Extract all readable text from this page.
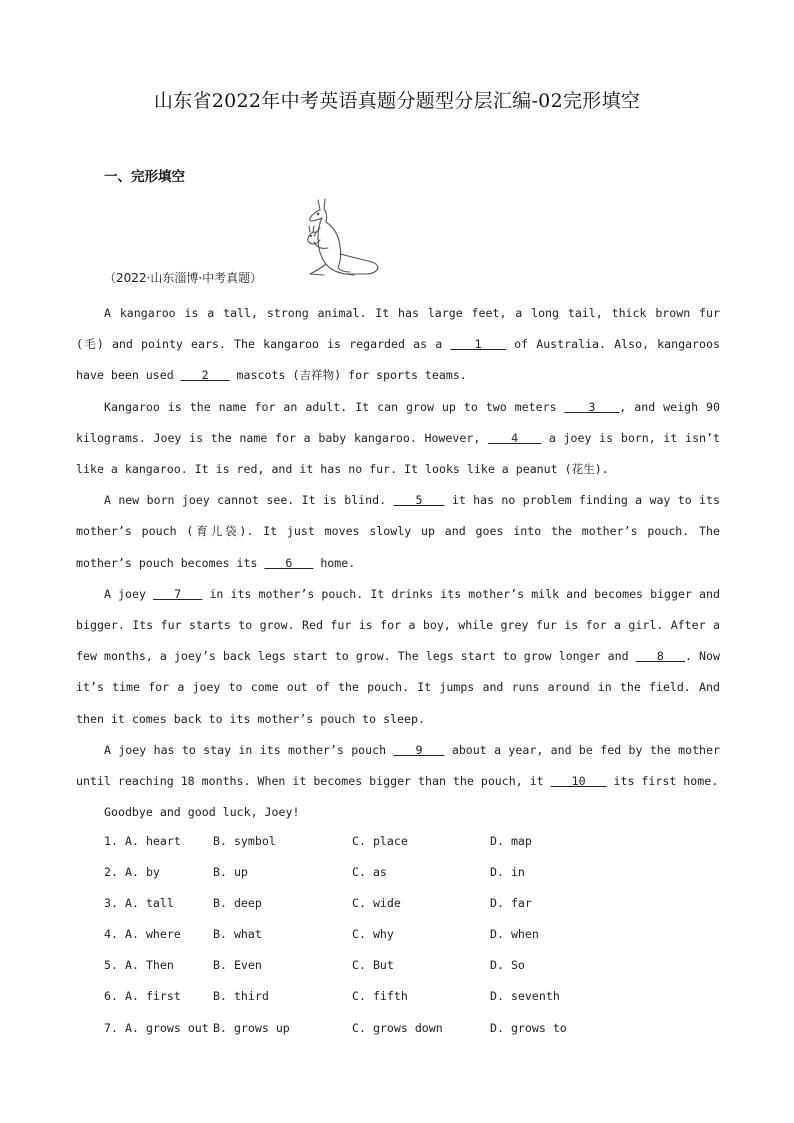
山东省2022年中考英语真题分题型分层汇编-02完形填空
一、完形填空
（2022·山东淄博·中考真题）

A kangaroo is a tall, strong animal. It has large feet, a long tail, thick brown fur (毛) and pointy ears. The kangaroo is regarded as a    1    of Australia. Also, kangaroos have been used    2    mascots (吉祥物) for sports teams.

Kangaroo is the name for an adult. It can grow up to two meters    3   , and weigh 90 kilograms. Joey is the name for a baby kangaroo. However,    4    a joey is born, it isn’t like a kangaroo. It is red, and it has no fur. It looks like a peanut (花生).

A new born joey cannot see. It is blind.    5    it has no problem finding a way to its mother’s pouch (育儿袋). It just moves slowly up and goes into the mother’s pouch. The mother’s pouch becomes its    6    home.

A joey    7    in its mother’s pouch. It drinks its mother’s milk and becomes bigger and bigger. Its fur starts to grow. Red fur is for a boy, while grey fur is for a girl. After a few months, a joey’s back legs start to grow. The legs start to grow longer and    8   . Now it’s time for a joey to come out of the pouch. It jumps and runs around in the field. And then it comes back to its mother’s pouch to sleep.

A joey has to stay in its mother’s pouch    9    about a year, and be fed by the mother until reaching 18 months. When it becomes bigger than the pouch, it    10    its first home.

Goodbye and good luck, Joey!

1. A. heart	B. symbol	C. place	D. map
2. A. by	B. up	C. as	D. in
3. A. tall	B. deep	C. wide	D. far
4. A. where	B. what	C. why	D. when
5. A. Then	B. Even	C. But	D. So
6. A. first	B. third	C. fifth	D. seventh
7. A. grows out B. grows up	C. grows down	D. grows to
